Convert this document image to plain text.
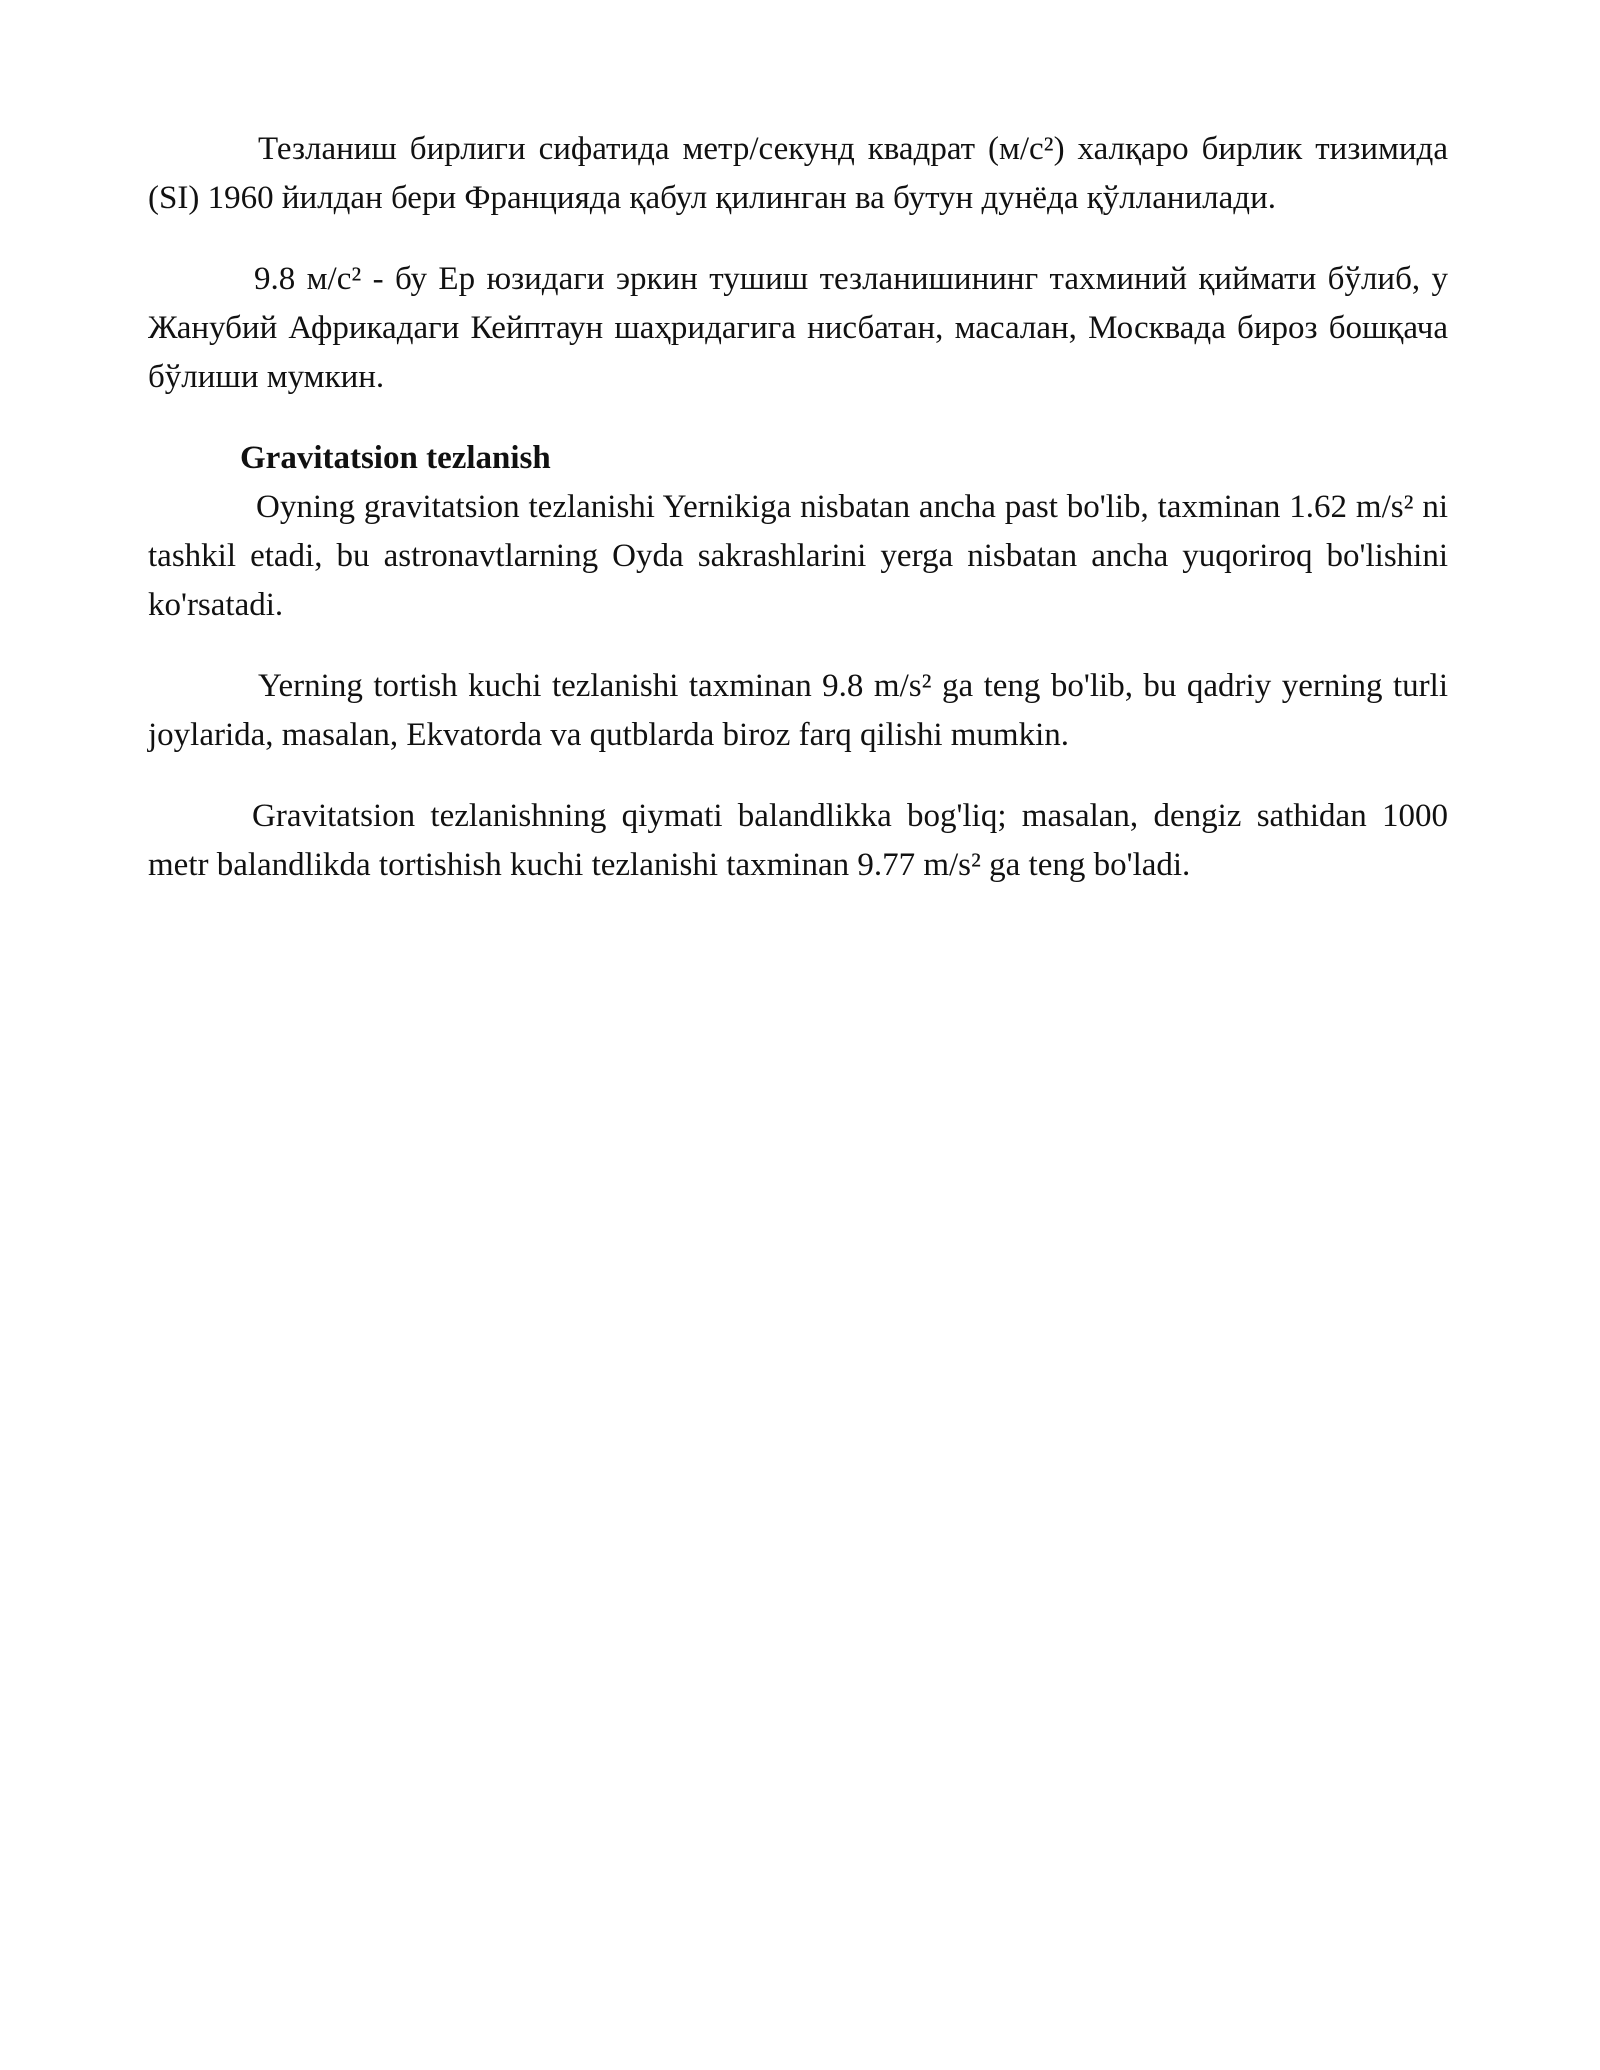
Тезланиш бирлиги сифатида метр/секунд квадрат (м/с²) халқаро бирлик тизимида (SI) 1960 йилдан бери Францияда қабул қилинган ва бутун дунёда қўлланилади.

9.8 м/с² - бу Ер юзидаги эркин тушиш тезланишининг тахминий қиймати бўлиб, у Жанубий Африкадаги Кейптаун шаҳридагига нисбатан, масалан, Москвада бироз бошқача бўлиши мумкин.

Gravitatsion tezlanish

Oyning gravitatsion tezlanishi Yernikiga nisbatan ancha past bo'lib, taxminan 1.62 m/s² ni tashkil etadi, bu astronavtlarning Oyda sakrashlarini yerga nisbatan ancha yuqoriroq bo'lishini ko'rsatadi.

Yerning tortish kuchi tezlanishi taxminan 9.8 m/s² ga teng bo'lib, bu qadriy yerning turli joylarida, masalan, Ekvatorda va qutblarda biroz farq qilishi mumkin.

Gravitatsion tezlanishning qiymati balandlikka bog'liq; masalan, dengiz sathidan 1000 metr balandlikda tortishish kuchi tezlanishi taxminan 9.77 m/s² ga teng bo'ladi.
